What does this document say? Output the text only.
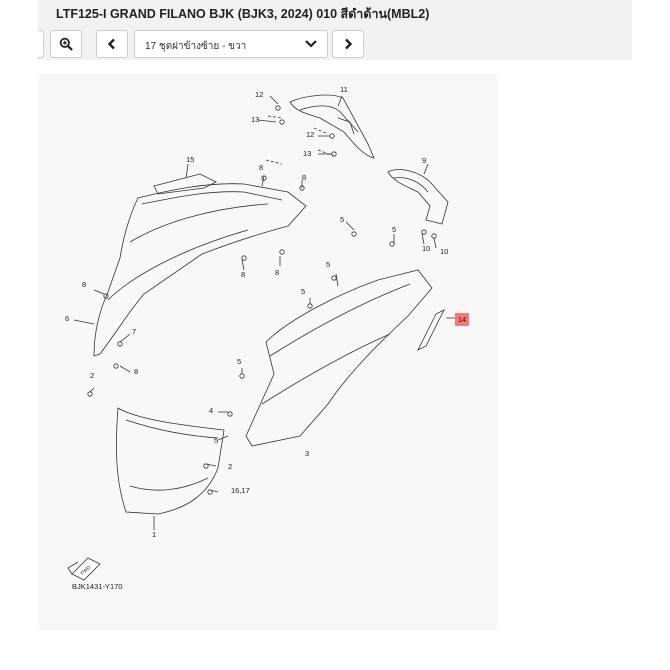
LTF125-I GRAND FILANO BJK (BJK3, 2024) 010 สีดำด้าน(MBL2)
17 ชุดฝาข้างซ้าย - ขวา
12
13
11
12
13
15
8
8
9
10 10
5
5
8
8
5
5
8
6
7
8
5
2
4
5
3
2
16,17
1
FWD
BJK1431-Y170
14
